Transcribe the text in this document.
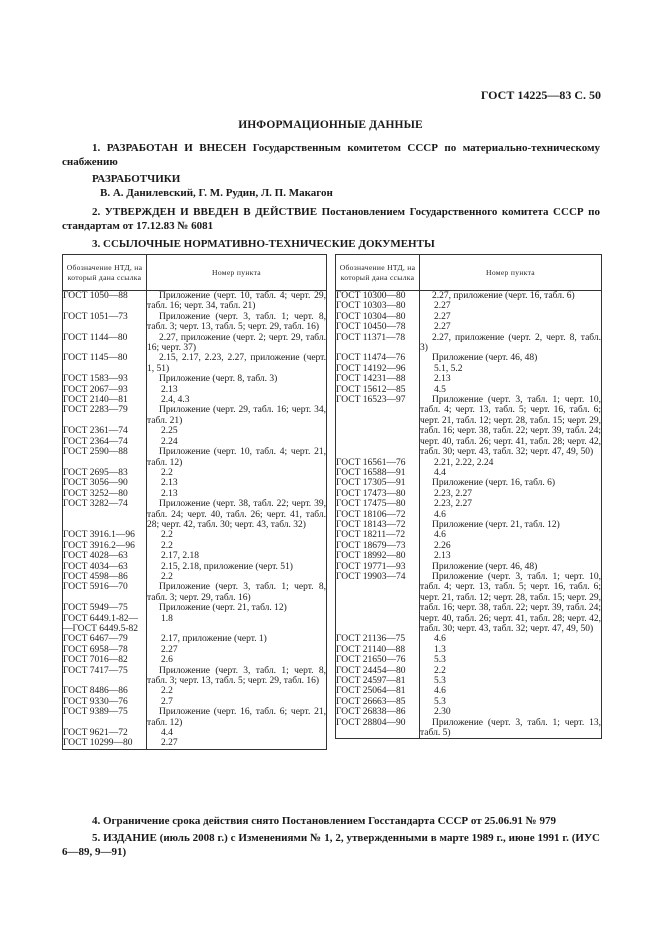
ГОСТ 14225—83 С. 50
ИНФОРМАЦИОННЫЕ ДАННЫЕ
1. РАЗРАБОТАН И ВНЕСЕН Государственным комитетом СССР по материально-техническому снабжению
РАЗРАБОТЧИКИ
В. А. Данилевский, Г. М. Рудин, Л. П. Макагон
2. УТВЕРЖДЕН И ВВЕДЕН В ДЕЙСТВИЕ Постановлением Государственного комитета СССР по стандартам от 17.12.83 № 6081
3. ССЫЛОЧНЫЕ НОРМАТИВНО-ТЕХНИЧЕСКИЕ ДОКУМЕНТЫ
Обозначение НТД, на который дана ссылка	Номер пункта

ГОСТ 1050—88	Приложение (черт. 10, табл. 4; черт. 29, табл. 16; черт. 34, табл. 21)

ГОСТ 1051—73	Приложение (черт. 3, табл. 1; черт. 8, табл. 3; черт. 13, табл. 5; черт. 29, табл. 16)

ГОСТ 1144—80	2.27, приложение (черт. 2; черт. 29, табл. 16; черт. 37)

ГОСТ 1145—80	2.15, 2.17, 2.23, 2.27, приложение (черт. 1, 51)

ГОСТ 1583—93	Приложение (черт. 8, табл. 3)

ГОСТ 2067—93	2.13

ГОСТ 2140—81	2.4, 4.3

ГОСТ 2283—79	Приложение (черт. 29, табл. 16; черт. 34, табл. 21)

ГОСТ 2361—74	2.25

ГОСТ 2364—74	2.24

ГОСТ 2590—88	Приложение (черт. 10, табл. 4; черт. 21, табл. 12)

ГОСТ 2695—83	2.2

ГОСТ 3056—90	2.13

ГОСТ 3252—80	2.13

ГОСТ 3282—74	Приложение (черт. 38, табл. 22; черт. 39, табл. 24; черт. 40, табл. 26; черт. 41, табл. 28; черт. 42, табл. 30; черт. 43, табл. 32)

ГОСТ 3916.1—96	2.2

ГОСТ 3916.2—96	2.2

ГОСТ 4028—63	2.17, 2.18

ГОСТ 4034—63	2.15, 2.18, приложение (черт. 51)

ГОСТ 4598—86	2.2

ГОСТ 5916—70	Приложение (черт. 3, табл. 1; черт. 8, табл. 3; черт. 29, табл. 16)

ГОСТ 5949—75	Приложение (черт. 21, табл. 12)

ГОСТ 6449.1-82—
—ГОСТ 6449.5-82	1.8

ГОСТ 6467—79	2.17, приложение (черт. 1)

ГОСТ 6958—78	2.27

ГОСТ 7016—82	2.6

ГОСТ 7417—75	Приложение (черт. 3, табл. 1; черт. 8, табл. 3; черт. 13, табл. 5; черт. 29, табл. 16)

ГОСТ 8486—86	2.2

ГОСТ 9330—76	2.7

ГОСТ 9389—75	Приложение (черт. 16, табл. 6; черт. 21, табл. 12)

ГОСТ 9621—72	4.4

ГОСТ 10299—80	2.27
Обозначение НТД, на который дана ссылка	Номер пункта

ГОСТ 10300—80	2.27, приложение (черт. 16, табл. 6)

ГОСТ 10303—80	2.27

ГОСТ 10304—80	2.27

ГОСТ 10450—78	2.27

ГОСТ 11371—78	2.27, приложение (черт. 2, черт. 8, табл. 3)

ГОСТ 11474—76	Приложение (черт. 46, 48)

ГОСТ 14192—96	5.1, 5.2

ГОСТ 14231—88	2.13

ГОСТ 15612—85	4.5

ГОСТ 16523—97	Приложение (черт. 3, табл. 1; черт. 10, табл. 4; черт. 13, табл. 5; черт. 16, табл. 6; черт. 21, табл. 12; черт. 28, табл. 15; черт. 29, табл. 16; черт. 38, табл. 22; черт. 39, табл. 24; черт. 40, табл. 26; черт. 41, табл. 28; черт. 42, табл. 30; черт. 43, табл. 32; черт. 47, 49, 50)

ГОСТ 16561—76	2.21, 2.22, 2.24

ГОСТ 16588—91	4.4

ГОСТ 17305—91	Приложение (черт. 16, табл. 6)

ГОСТ 17473—80	2.23, 2.27

ГОСТ 17475—80	2.23, 2.27

ГОСТ 18106—72	4.6

ГОСТ 18143—72	Приложение (черт. 21, табл. 12)

ГОСТ 18211—72	4.6

ГОСТ 18679—73	2.26

ГОСТ 18992—80	2.13

ГОСТ 19771—93	Приложение (черт. 46, 48)

ГОСТ 19903—74	Приложение (черт. 3, табл. 1; черт. 10, табл. 4; черт. 13, табл. 5; черт. 16, табл. 6; черт. 21, табл. 12; черт. 28, табл. 15; черт. 29, табл. 16; черт. 38, табл. 22; черт. 39, табл. 24; черт. 40, табл. 26; черт. 41, табл. 28; черт. 42, табл. 30; черт. 43, табл. 32; черт. 47, 49, 50)

ГОСТ 21136—75	4.6

ГОСТ 21140—88	1.3

ГОСТ 21650—76	5.3

ГОСТ 24454—80	2.2

ГОСТ 24597—81	5.3

ГОСТ 25064—81	4.6

ГОСТ 26663—85	5.3

ГОСТ 26838—86	2.30

ГОСТ 28804—90	Приложение (черт. 3, табл. 1; черт. 13, табл. 5)
4. Ограничение срока действия снято Постановлением Госстандарта СССР от 25.06.91 № 979
5. ИЗДАНИЕ (июль 2008 г.) с Изменениями № 1, 2, утвержденными в марте 1989 г., июне 1991 г. (ИУС 6—89, 9—91)
